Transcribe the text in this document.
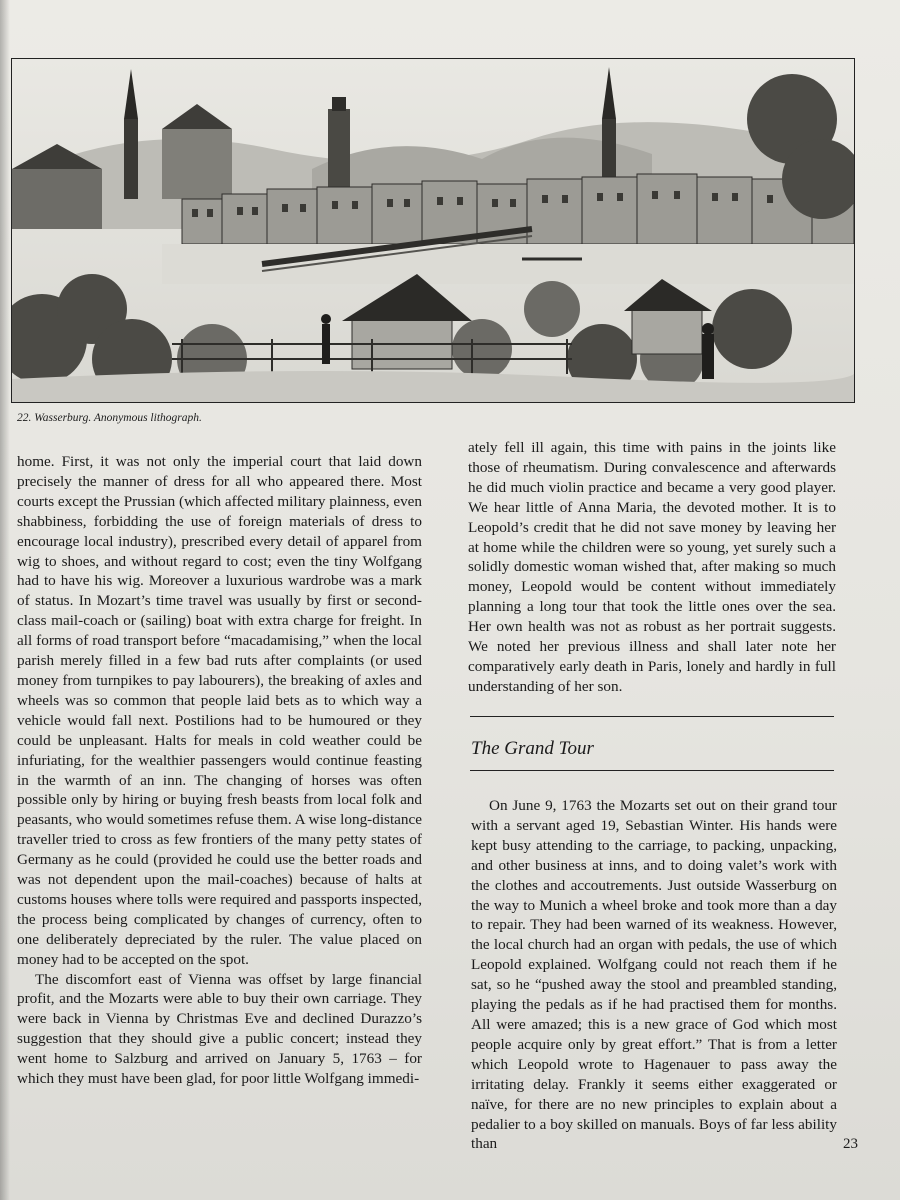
22. Wasserburg. Anonymous lithograph.

home. First, it was not only the imperial court that laid down precisely the manner of dress for all who appeared there. Most courts except the Prussian (which affected military plainness, even shabbiness, forbidding the use of foreign materials of dress to encourage local industry), prescribed every detail of apparel from wig to shoes, and without regard to cost; even the tiny Wolfgang had to have his wig. Moreover a luxurious wardrobe was a mark of status. In Mozart’s time travel was usually by first or second-class mail-coach or (sailing) boat with extra charge for freight. In all forms of road transport before “macadamising,” when the local parish merely filled in a few bad ruts after complaints (or used money from turnpikes to pay labourers), the breaking of axles and wheels was so common that people laid bets as to which way a vehicle would fall next. Postilions had to be humoured or they could be unpleasant. Halts for meals in cold weather could be infuriating, for the wealthier passengers would continue feasting in the warmth of an inn. The changing of horses was often possible only by hiring or buying fresh beasts from local folk and peasants, who would sometimes refuse them. A wise long-distance traveller tried to cross as few frontiers of the many petty states of Germany as he could (provided he could use the better roads and was not dependent upon the mail-coaches) because of halts at customs houses where tolls were required and passports inspected, the process being complicated by changes of currency, often to one deliberately depreciated by the ruler. The value placed on money had to be accepted on the spot.

The discomfort east of Vienna was offset by large financial profit, and the Mozarts were able to buy their own carriage. They were back in Vienna by Christmas Eve and declined Durazzo’s suggestion that they should give a public concert; instead they went home to Salzburg and arrived on January 5, 1763 – for which they must have been glad, for poor little Wolfgang immedi-

ately fell ill again, this time with pains in the joints like those of rheumatism. During convalescence and afterwards he did much violin practice and became a very good player. We hear little of Anna Maria, the devoted mother. It is to Leopold’s credit that he did not save money by leaving her at home while the children were so young, yet surely such a solidly domestic woman wished that, after making so much money, Leopold would be content without immediately planning a long tour that took the little ones over the sea. Her own health was not as robust as her portrait suggests. We noted her previous illness and shall later note her comparatively early death in Paris, lonely and hardly in full understanding of her son.

The Grand Tour

On June 9, 1763 the Mozarts set out on their grand tour with a servant aged 19, Sebastian Winter. His hands were kept busy attending to the carriage, to packing, unpacking, and other business at inns, and to doing valet’s work with the clothes and accoutrements. Just outside Wasserburg on the way to Munich a wheel broke and took more than a day to repair. They had been warned of its weakness. However, the local church had an organ with pedals, the use of which Leopold explained. Wolfgang could not reach them if he sat, so he “pushed away the stool and preambled standing, playing the pedals as if he had practised them for months. All were amazed; this is a new grace of God which most people acquire only by great effort.” That is from a letter which Leopold wrote to Hagenauer to pass away the irritating delay. Frankly it seems either exaggerated or naïve, for there are no new principles to explain about a pedalier to a boy skilled on manuals. Boys of far less ability than	23
